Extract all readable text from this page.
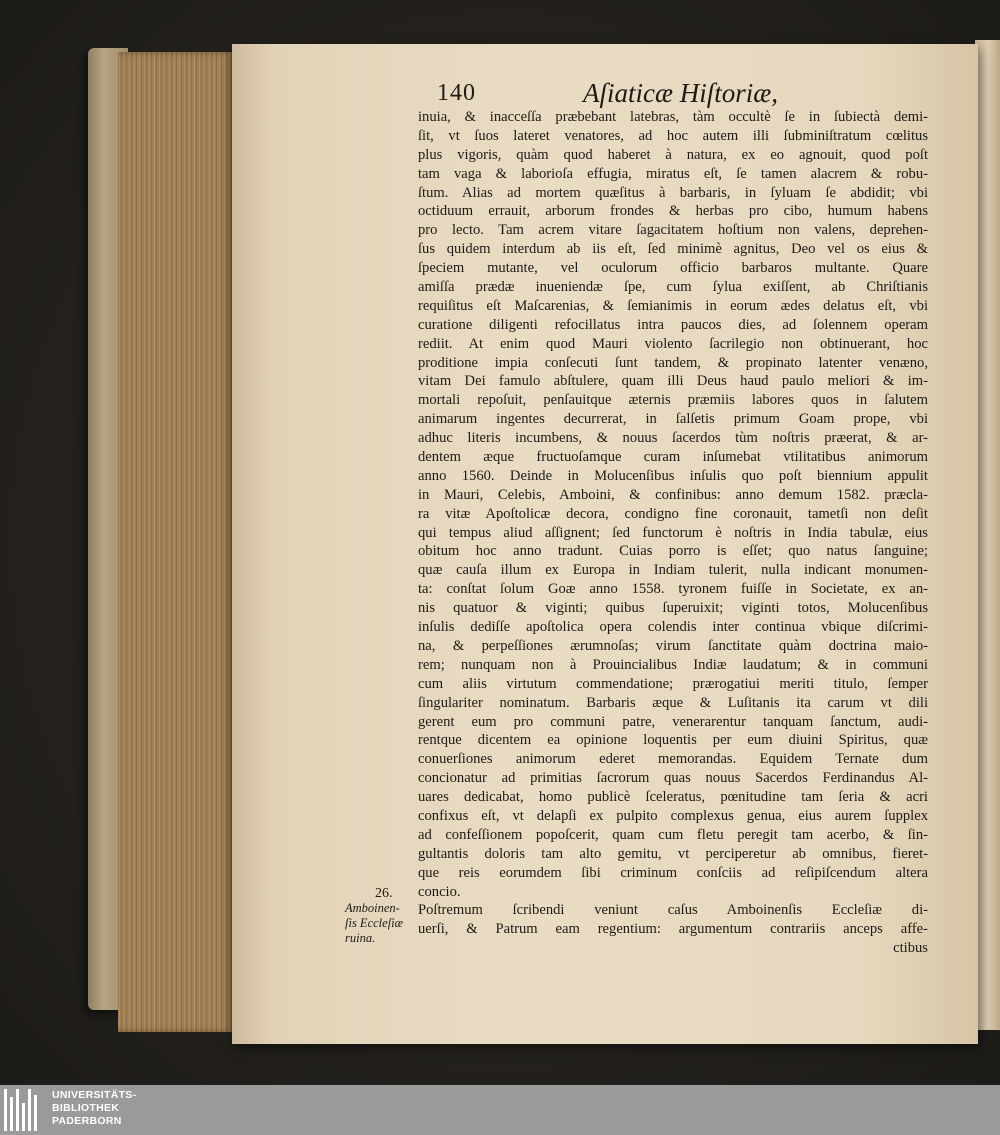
140	Aſiaticæ Hiſtoriæ,
inuia, & inacceſſa præbebant latebras, tàm occultè ſe in ſubiectà demi-
ſit, vt ſuos lateret venatores, ad hoc autem illi ſubminiſtratum cœlitus
plus vigoris, quàm quod haberet à natura, ex eo agnouit, quod poſt
tam vaga & laborioſa effugia, miratus eſt, ſe tamen alacrem & robu-
ſtum. Alias ad mortem quæſitus à barbaris, in ſyluam ſe abdidit; vbi
octiduum errauit, arborum frondes & herbas pro cibo, humum habens
pro lecto. Tam acrem vitare ſagacitatem hoſtium non valens, deprehen-
ſus quidem interdum ab iis eſt, ſed minimè agnitus, Deo vel os eius &
ſpeciem mutante, vel oculorum officio barbaros multante. Quare
amiſſa prædæ inueniendæ ſpe, cum ſylua exiſſent, ab Chriſtianis
requiſitus eſt Maſcarenias, & ſemianimis in eorum ædes delatus eſt, vbi
curatione diligenti refocillatus intra paucos dies, ad ſolennem operam
rediit. At enim quod Mauri violento ſacrilegio non obtinuerant, hoc
proditione impia conſecuti ſunt tandem, & propinato latenter venæno,
vitam Dei famulo abſtulere, quam illi Deus haud paulo meliori & im-
mortali repoſuit, penſauitque æternis præmiis labores quos in ſalutem
animarum ingentes decurrerat, in ſalſetis primum Goam prope, vbi
adhuc literis incumbens, & nouus ſacerdos tùm noſtris præerat, & ar-
dentem æque fructuoſamque curam inſumebat vtilitatibus animorum
anno 1560. Deinde in Molucenſibus inſulis quo poſt biennium appulit
in Mauri, Celebis, Amboini, & confinibus: anno demum 1582. præcla-
ra vitæ Apoſtolicæ decora, condigno fine coronauit, tametſi non deſit
qui tempus aliud aſſignent; ſed functorum è noſtris in India tabulæ, eius
obitum hoc anno tradunt. Cuias porro is eſſet; quo natus ſanguine;
quæ cauſa illum ex Europa in Indiam tulerit, nulla indicant monumen-
ta: conſtat ſolum Goæ anno 1558. tyronem fuiſſe in Societate, ex an-
nis quatuor & viginti; quibus ſuperuixit; viginti totos, Molucenſibus
inſulis dediſſe apoſtolica opera colendis inter continua vbique diſcrimi-
na, & perpeſſiones ærumnoſas; virum ſanctitate quàm doctrina maio-
rem; nunquam non à Prouincialibus Indiæ laudatum; & in communi
cum aliis virtutum commendatione; prærogatiui meriti titulo, ſemper
ſingulariter nominatum. Barbaris æque & Luſitanis ita carum vt dili
gerent eum pro communi patre, venerarentur tanquam ſanctum, audi-
rentque dicentem ea opinione loquentis per eum diuini Spiritus, quæ
conuerſiones animorum ederet memorandas. Equidem Ternate dum
concionatur ad primitias ſacrorum quas nouus Sacerdos Ferdinandus Al-
uares dedicabat, homo publicè ſceleratus, pœnitudine tam ſeria & acri
confixus eſt, vt delapſi ex pulpito complexus genua, eius aurem ſupplex
ad confeſſionem popoſcerit, quam cum fletu peregit tam acerbo, & ſin-
gultantis doloris tam alto gemitu, vt perciperetur ab omnibus, fieret-
que reis eorumdem ſibi criminum conſciis ad reſipiſcendum altera
concio.
Poſtremum ſcribendi veniunt caſus Amboinenſis Eccleſiæ di-
uerſi, & Patrum eam regentium: argumentum contrariis anceps affe-
ctibus
26.
Amboinen-
ſis Eccleſiæ
ruina.
UNIVERSITÄTS-
BIBLIOTHEK
PADERBORN
